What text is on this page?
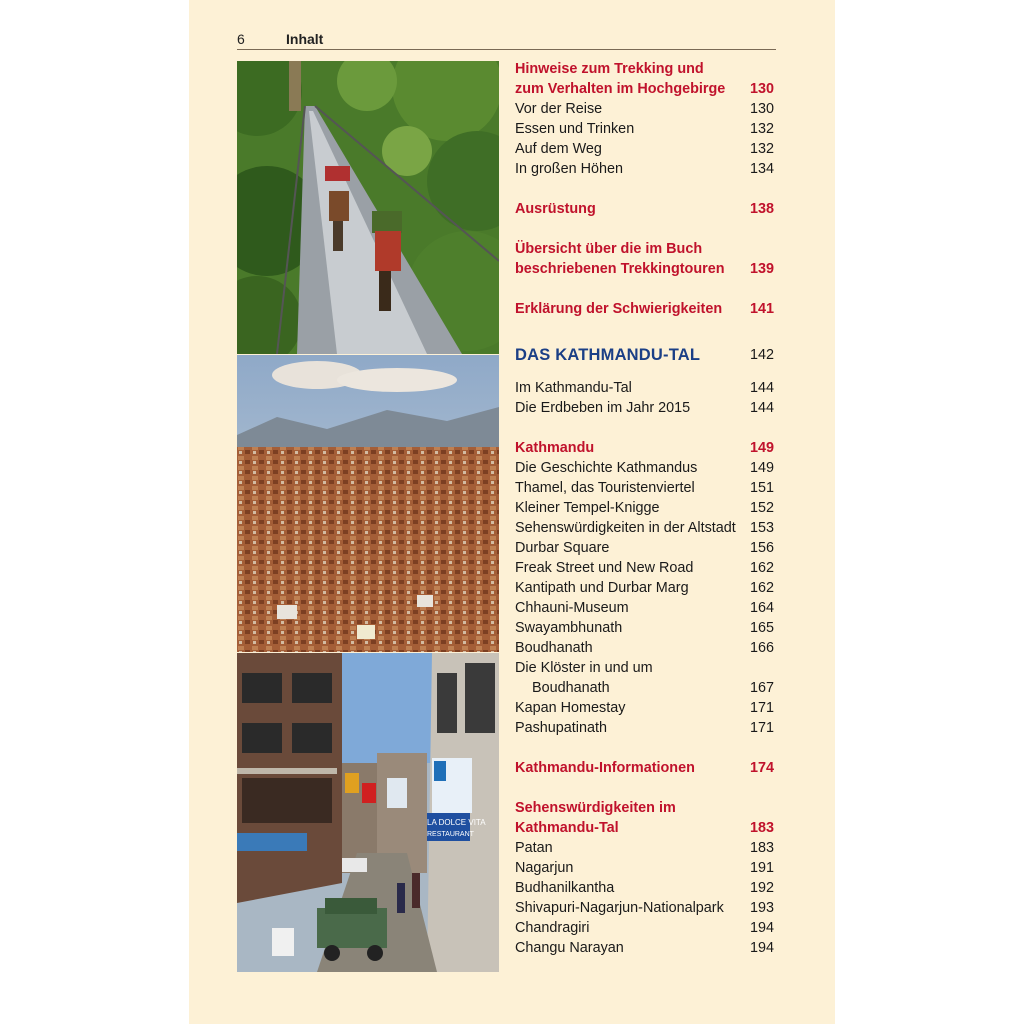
6	Inhalt
LA DOLCE VITA
RESTAURANT
Hinweise zum Trekking und
zum Verhalten im Hochgebirge 130
Vor der Reise	130
Essen und Trinken	132
Auf dem Weg	132
In großen Höhen	134
Ausrüstung	138
Übersicht über die im Buch
beschriebenen Trekkingtouren 139
Erklärung der Schwierigkeiten 141
DAS KATHMANDU-TAL	142
Im Kathmandu-Tal	144
Die Erdbeben im Jahr 2015	144
Kathmandu	149
Die Geschichte Kathmandus	149
Thamel, das Touristenviertel	151
Kleiner Tempel-Knigge	152
Sehenswürdigkeiten in der Altstadt 153
Durbar Square	156
Freak Street und New Road	162
Kantipath und Durbar Marg	162
Chhauni-Museum	164
Swayambhunath	165
Boudhanath	166
Die Klöster in und um
Boudhanath	167
Kapan Homestay	171
Pashupatinath	171
Kathmandu-Informationen	174
Sehenswürdigkeiten im
Kathmandu-Tal	183
Patan	183
Nagarjun	191
Budhanilkantha	192
Shivapuri-Nagarjun-Nationalpark 193
Chandragiri	194
Changu Narayan	194
